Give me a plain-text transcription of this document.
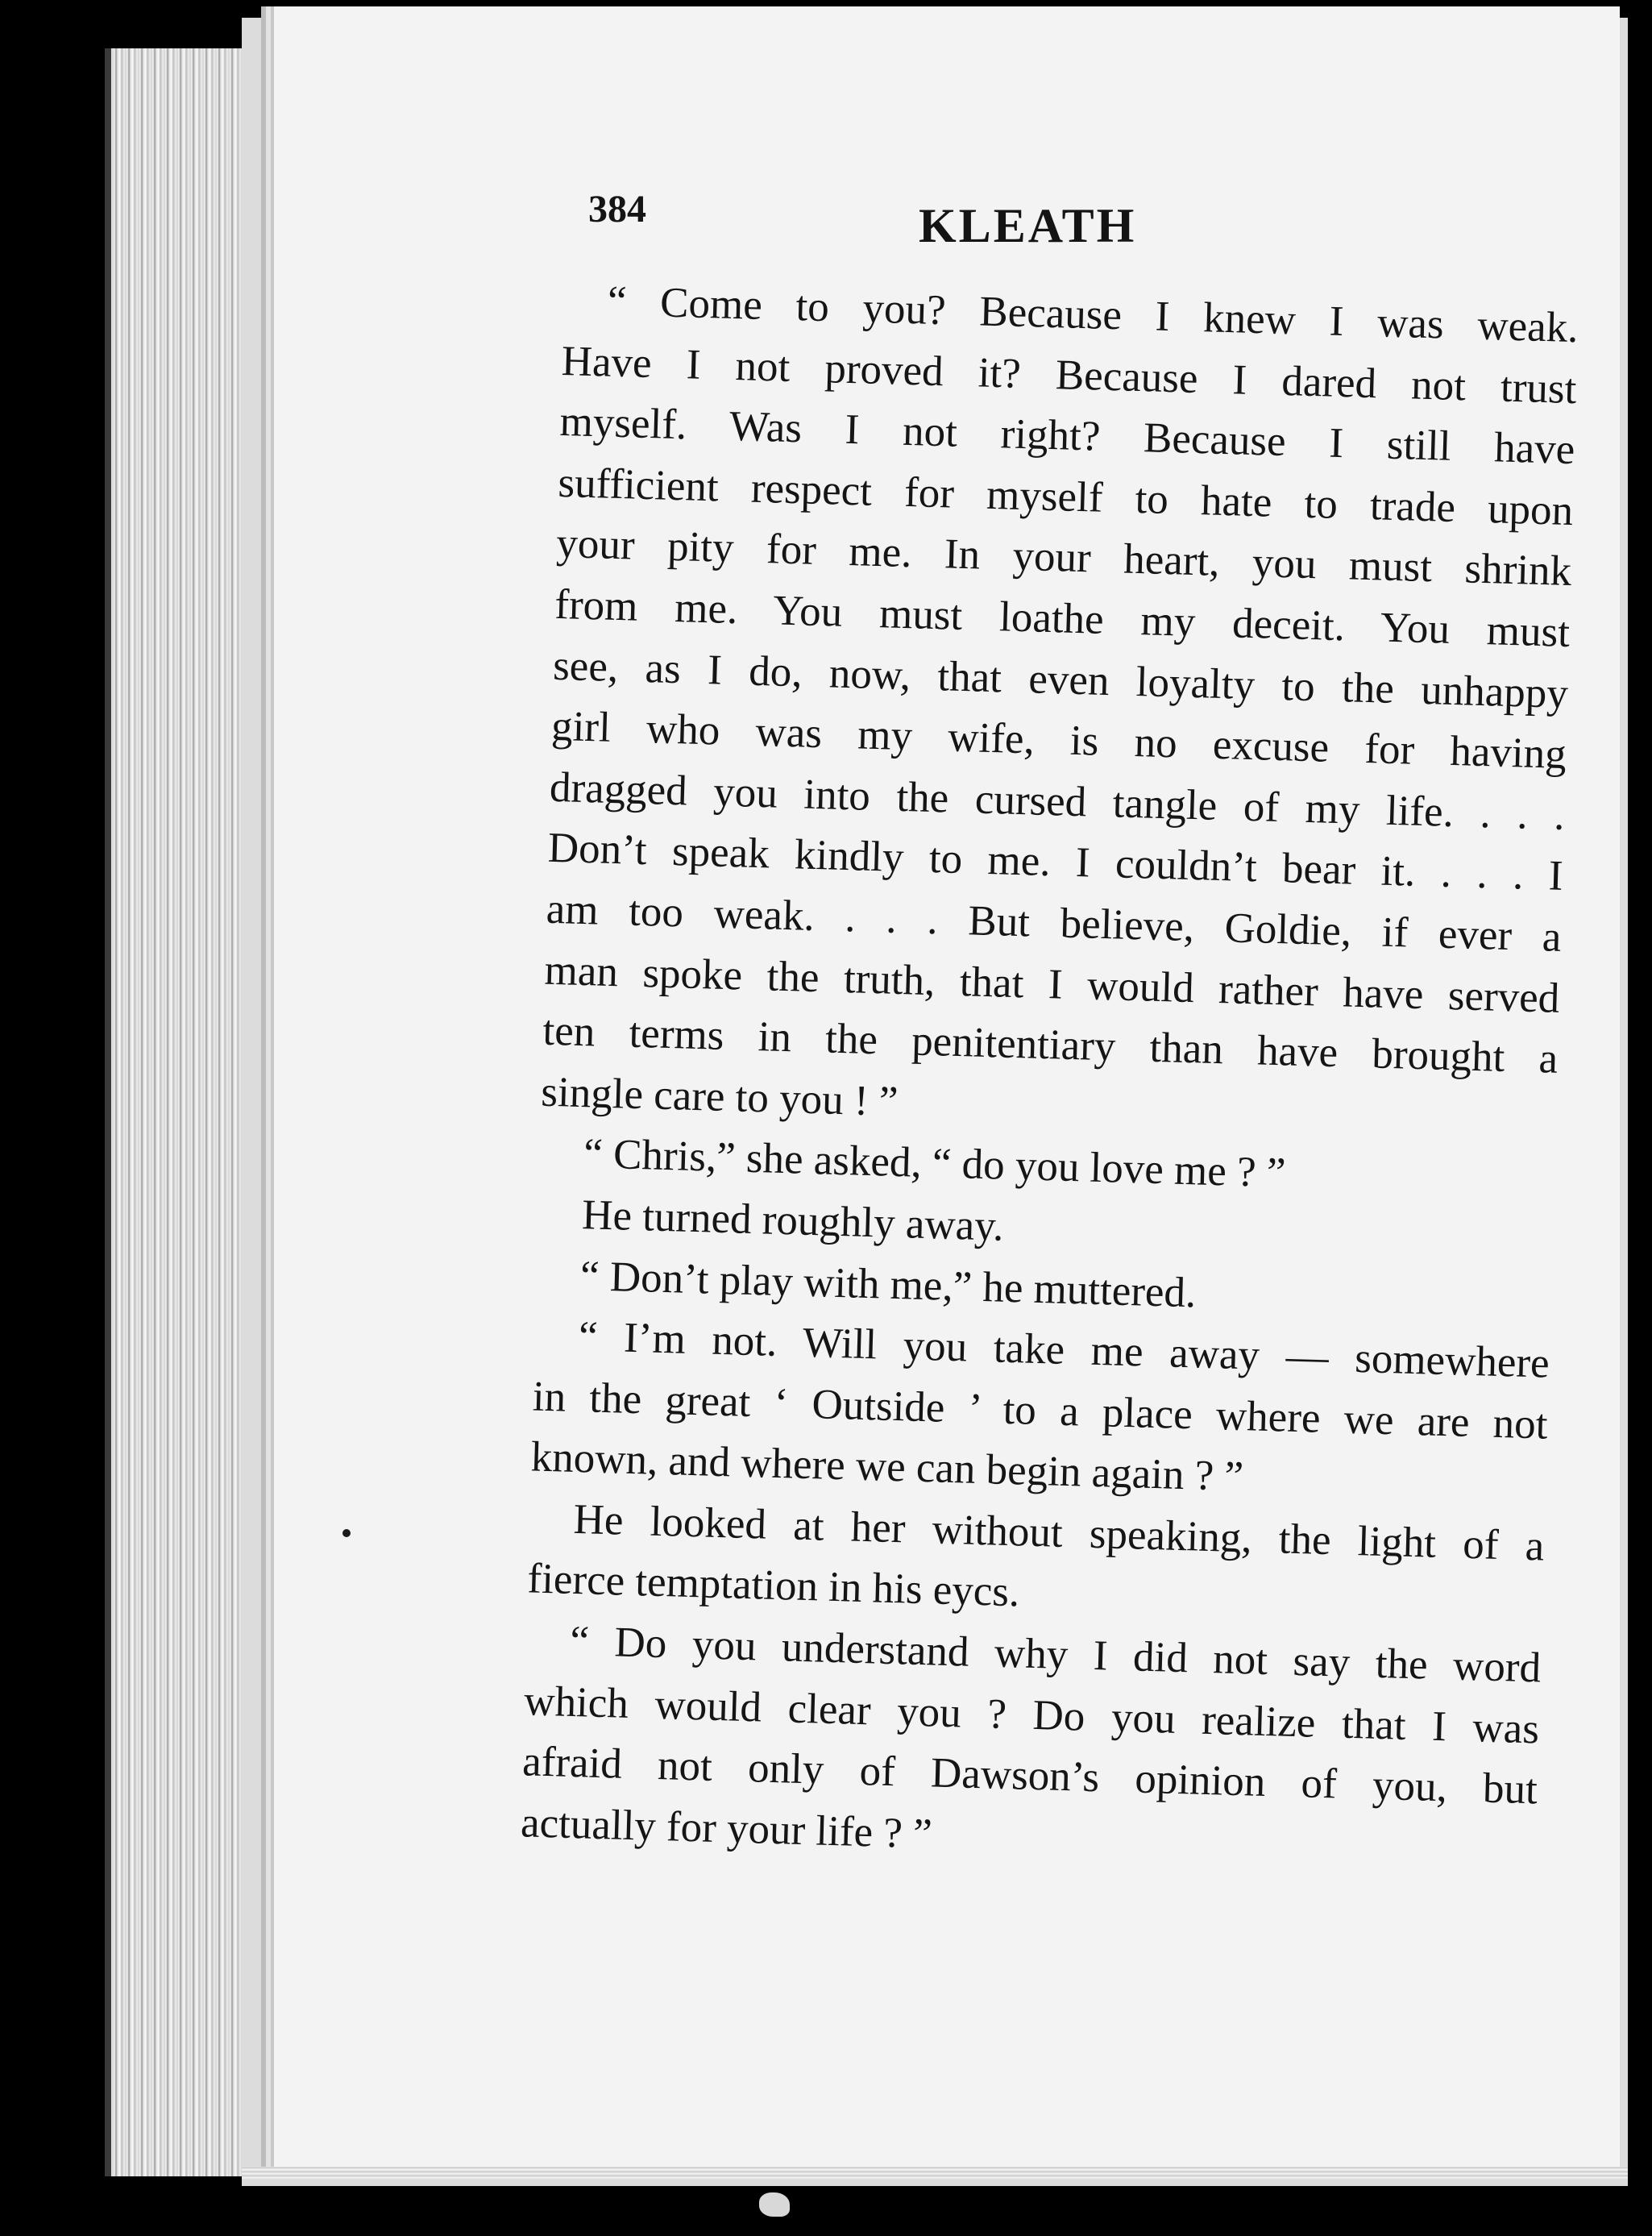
384	KLEATH
“ Come to you? Because I knew I was weak.
Have I not proved it? Because I dared not trust
myself. Was I not right? Because I still have
sufficient respect for myself to hate to trade upon
your pity for me. In your heart, you must shrink
from me. You must loathe my deceit. You must
see, as I do, now, that even loyalty to the unhappy
girl who was my wife, is no excuse for having
dragged you into the cursed tangle of my life. . . .
Don’t speak kindly to me. I couldn’t bear it. . . . I
am too weak. . . . But believe, Goldie, if ever a
man spoke the truth, that I would rather have served
ten terms in the penitentiary than have brought a
single care to you ! ”
“ Chris,” she asked, “ do you love me ? ”
He turned roughly away.
“ Don’t play with me,” he muttered.
“ I’m not. Will you take me away — somewhere
in the great ‘ Outside ’ to a place where we are not
known, and where we can begin again ? ”
He looked at her without speaking, the light of a
fierce temptation in his eycs.
“ Do you understand why I did not say the word
which would clear you ? Do you realize that I was
afraid not only of Dawson’s opinion of you, but
actually for your life ? ”
